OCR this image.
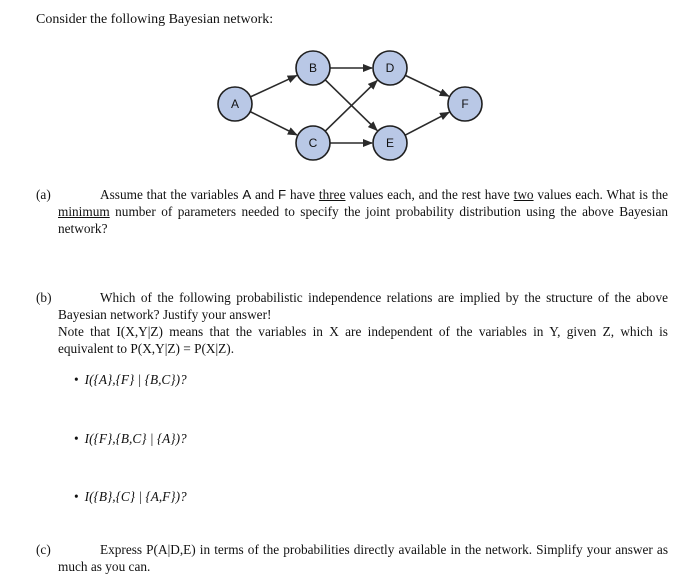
Consider the following Bayesian network:
A
B
C
D
E
F
(a)	Assume that the variables A and F have three values each, and the rest have two values each. What is the minimum number of parameters needed to specify the joint probability distribution using the above Bayesian network?
(b)	Which of the following probabilistic independence relations are implied by the structure of the above Bayesian network? Justify your answer!
Note that I(X,Y|Z) means that the variables in X are independent of the variables in Y, given Z, which is equivalent to P(X,Y|Z) = P(X|Z).
• I({A},{F} | {B,C})?
• I({F},{B,C} | {A})?
• I({B},{C} | {A,F})?
(c)	Express P(A|D,E) in terms of the probabilities directly available in the network. Simplify your answer as much as you can.
